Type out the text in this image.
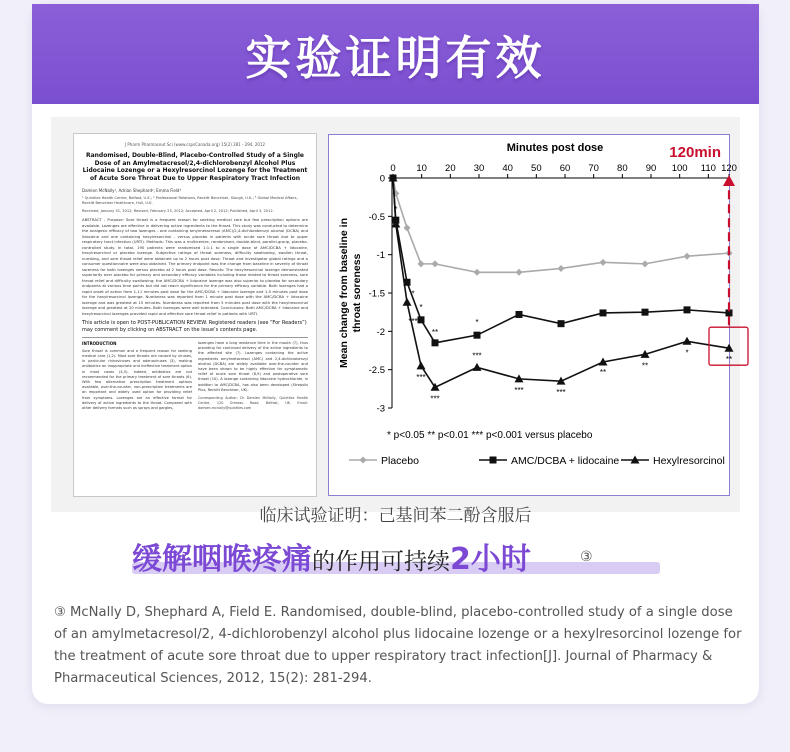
实验证明有效
J Pharm Pharmaceut Sci (www.cspsCanada.org) 15(2) 281 - 294, 2012
Randomised, Double-Blind, Placebo-Controlled Study of a Single Dose of an Amylmetacresol/2,4-dichlorobenzyl Alcohol Plus Lidocaine Lozenge or a Hexylresorcinol Lozenge for the Treatment of Acute Sore Throat Due to Upper Respiratory Tract Infection
Damien McNally¹, Adrian Shephard², Emma Field³
¹ Quintiles Health Centre, Belfast, U.K.; ² Professional Relations, Reckitt Benckiser, Slough, U.K.; ³ Global Medical Affairs, Reckitt Benckiser Healthcare, Hull, U.K.
Received, January 31, 2012; Revised, February 23, 2012; Accepted, April 2, 2012; Published, April 3, 2012.
ABSTRACT - Purpose: Sore throat is a frequent reason for seeking medical care but few prescription options are available. Lozenges are effective in delivering active ingredients to the throat. This study was conducted to determine the analgesic efficacy of two lozenges - one containing amylmetacresol (AMC)/2,4-dichlorobenzyl alcohol (DCBA) and lidocaine and one containing hexylresorcinol - versus placebo in patients with acute sore throat due to upper respiratory tract infection (URTI). Methods: This was a multicentre, randomised, double-blind, parallel-group, placebo-controlled study. In total, 190 patients were randomised 1:1:1 to a single dose of AMC/DCBA + lidocaine, hexylresorcinol or placebo lozenge. Subjective ratings of throat soreness, difficulty swallowing, swollen throat, numbing, and sore throat relief were obtained up to 2 hours post dose. Throat and investigator global ratings and a consumer questionnaire were also obtained. The primary endpoint was the change from baseline in severity of throat soreness for both lozenges versus placebo at 2 hours post dose. Results: The hexylresorcinol lozenge demonstrated superiority over placebo for primary and secondary efficacy variables including those related to throat soreness, sore throat relief and difficulty swallowing; the AMC/DCBA + lidocaine lozenge was also superior to placebo for secondary endpoints at various time points but did not reach significance for the primary efficacy variable. Both lozenges had a rapid onset of action from 1-11 minutes post dose for the AMC/DCBA + lidocaine lozenge and 1-5 minutes post dose for the hexylresorcinol lozenge. Numbness was reported from 1 minute post dose with the AMC/DCBA + lidocaine lozenge and was greatest at 15 minutes. Numbness was reported from 5 minutes post dose with the hexylresorcinol lozenge and greatest at 20 minutes. Both lozenges were well tolerated. Conclusions: Both AMC/DCBA + lidocaine and hexylresorcinol lozenges provided rapid and effective sore throat relief in patients with URTI.
This article is open to POST-PUBLICATION REVIEW. Registered readers (see “For Readers”) may comment by clicking on ABSTRACT on the issue’s contents page.
INTRODUCTION
Sore throat is common and a frequent reason for seeking medical care (1,2). Most sore throats are caused by viruses, in particular rhinoviruses and adenoviruses (3), making antibiotics an inappropriate and ineffective treatment option in most cases (4,5). Indeed, antibiotics are not recommended for the primary treatment of sore throats (6). With few alternative prescription treatment options available, over-the-counter, non-prescription treatments are an important and widely used option for providing relief from symptoms. Lozenges are an effective format for delivery of active ingredients to the throat. Compared with other delivery formats such as sprays and gargles,
lozenges have a long residence time in the mouth (7), thus providing for continued delivery of the active ingredients to the affected site (7). Lozenges containing the active ingredients amylmetacresol (AMC) and 2,4-dichlorobenzyl alcohol (DCBA) are widely available over-the-counter and have been shown to be highly effective for symptomatic relief of acute sore throat (8,9) and postoperative sore throat (10). A lozenge containing lidocaine hydrochloride, in addition to AMC/DCBA, has also been developed (Strepsils Plus, Reckitt Benckiser, UK).
Corresponding Author: Dr Damien McNally, Quintiles Health Centre, 120 Ormeau Road, Belfast, UK. Email: damien.mcnally@quintiles.com
Minutes post dose	120min
0 10 20 30 40 50 60 70 80 90 100 110 120
0
-0.5
-1
-1.5
-2
-2.5
-3
Mean change from baseline in throat soreness
*
*
***
***
*
**
***
***
*
***	***
**
**
*
**
* p<0.05 ** p<0.01 *** p<0.001 versus placebo
Placebo	AMC/DCBA + lidocaine	Hexylresorcinol
临床试验证明：己基间苯二酚含服后
缓解咽喉疼痛的作用可持续2小时	③
③ McNally D, Shephard A, Field E. Randomised, double-blind, placebo-controlled study of a single dose of an amylmetacresol/2, 4-dichlorobenzyl alcohol plus lidocaine lozenge or a hexylresorcinol lozenge for the treatment of acute sore throat due to upper respiratory tract infection[J]. Journal of Pharmacy & Pharmaceutical Sciences, 2012, 15(2): 281-294.
